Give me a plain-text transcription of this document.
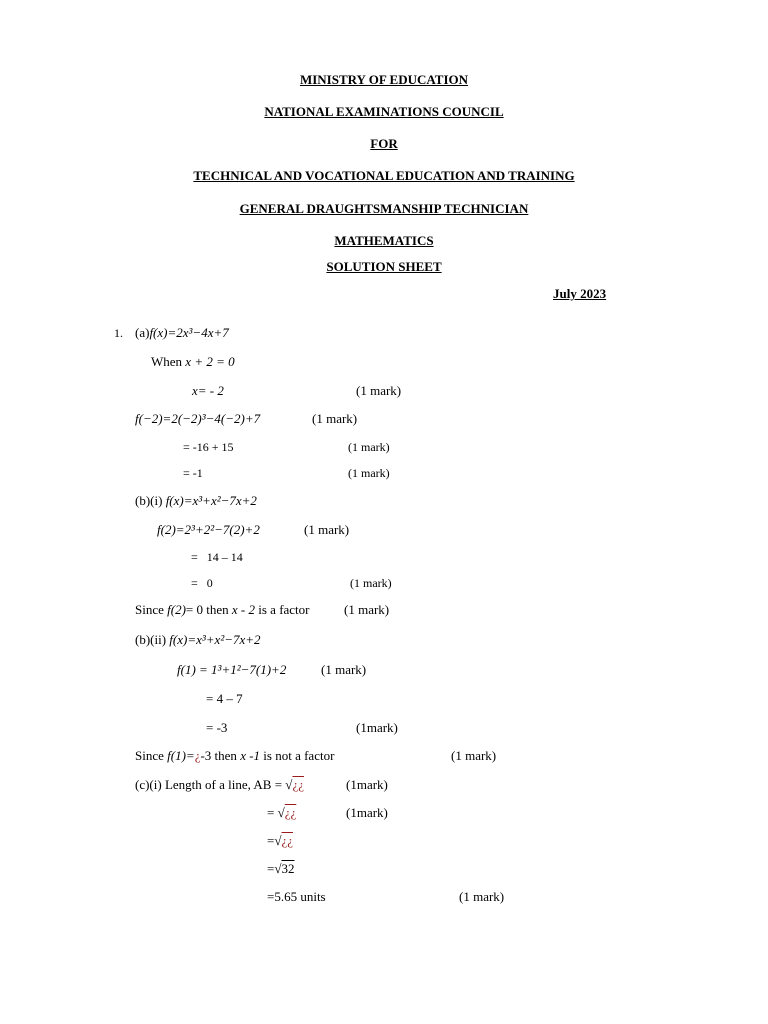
MINISTRY OF EDUCATION
NATIONAL EXAMINATIONS COUNCIL
FOR
TECHNICAL AND VOCATIONAL EDUCATION AND TRAINING
GENERAL DRAUGHTSMANSHIP TECHNICIAN
MATHEMATICS
SOLUTION SHEET
July 2023
1. (a)f(x)=2x³−4x+7
When x + 2 = 0
x= - 2	(1 mark)
f(−2)=2(−2)³−4(−2)+7	(1 mark)
= -16 + 15	(1 mark)
= -1	(1 mark)
(b)(i) f(x)=x³+x²−7x+2
f(2)=2³+2²−7(2)+2	(1 mark)
=   14 – 14
=   0	(1 mark)
Since f(2)= 0 then x - 2 is a factor	(1 mark)
(b)(ii) f(x)=x³+x²−7x+2
f(1) = 1³+1²−7(1)+2	(1 mark)
= 4 – 7
= -3	(1mark)
Since f(1)=¿-3 then x -1 is not a factor	(1 mark)
(c)(i) Length of a line, AB = √¿¿	(1mark)
= √¿¿	(1mark)
=√¿¿
=√32
=5.65 units	(1 mark)
